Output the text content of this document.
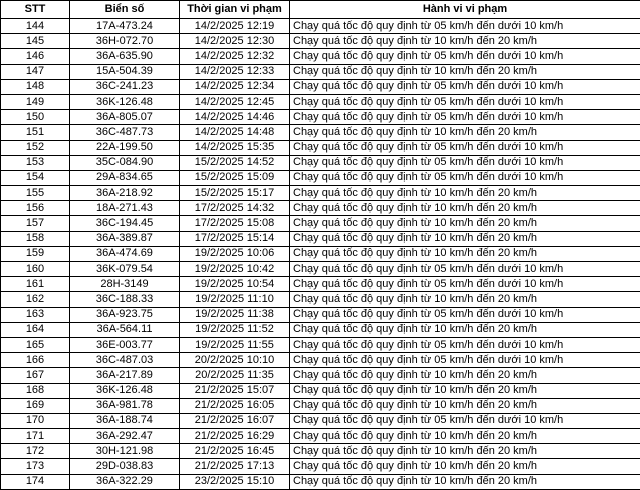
STT	Biển số	Thời gian vi phạm	Hành vi vi phạm
144	17A-473.24	14/2/2025 12:19	Chạy quá tốc độ quy định từ 05 km/h đến dưới 10 km/h
145	36H-072.70	14/2/2025 12:30	Chạy quá tốc độ quy định từ 10 km/h đến 20 km/h
146	36A-635.90	14/2/2025 12:32	Chạy quá tốc độ quy định từ 05 km/h đến dưới 10 km/h
147	15A-504.39	14/2/2025 12:33	Chạy quá tốc độ quy định từ 10 km/h đến 20 km/h
148	36C-241.23	14/2/2025 12:34	Chạy quá tốc độ quy định từ 05 km/h đến dưới 10 km/h
149	36K-126.48	14/2/2025 12:45	Chạy quá tốc độ quy định từ 05 km/h đến dưới 10 km/h
150	36A-805.07	14/2/2025 14:46	Chạy quá tốc độ quy định từ 05 km/h đến dưới 10 km/h
151	36C-487.73	14/2/2025 14:48	Chạy quá tốc độ quy định từ 10 km/h đến 20 km/h
152	22A-199.50	14/2/2025 15:35	Chạy quá tốc độ quy định từ 05 km/h đến dưới 10 km/h
153	35C-084.90	15/2/2025 14:52	Chạy quá tốc độ quy định từ 05 km/h đến dưới 10 km/h
154	29A-834.65	15/2/2025 15:09	Chạy quá tốc độ quy định từ 05 km/h đến dưới 10 km/h
155	36A-218.92	15/2/2025 15:17	Chạy quá tốc độ quy định từ 10 km/h đến 20 km/h
156	18A-271.43	17/2/2025 14:32	Chạy quá tốc độ quy định từ 10 km/h đến 20 km/h
157	36C-194.45	17/2/2025 15:08	Chạy quá tốc độ quy định từ 10 km/h đến 20 km/h
158	36A-389.87	17/2/2025 15:14	Chạy quá tốc độ quy định từ 10 km/h đến 20 km/h
159	36A-474.69	19/2/2025 10:06	Chạy quá tốc độ quy định từ 10 km/h đến 20 km/h
160	36K-079.54	19/2/2025 10:42	Chạy quá tốc độ quy định từ 05 km/h đến dưới 10 km/h
161	28H-3149	19/2/2025 10:54	Chạy quá tốc độ quy định từ 05 km/h đến dưới 10 km/h
162	36C-188.33	19/2/2025 11:10	Chạy quá tốc độ quy định từ 10 km/h đến 20 km/h
163	36A-923.75	19/2/2025 11:38	Chạy quá tốc độ quy định từ 05 km/h đến dưới 10 km/h
164	36A-564.11	19/2/2025 11:52	Chạy quá tốc độ quy định từ 10 km/h đến 20 km/h
165	36E-003.77	19/2/2025 11:55	Chạy quá tốc độ quy định từ 05 km/h đến dưới 10 km/h
166	36C-487.03	20/2/2025 10:10	Chạy quá tốc độ quy định từ 05 km/h đến dưới 10 km/h
167	36A-217.89	20/2/2025 11:35	Chạy quá tốc độ quy định từ 10 km/h đến 20 km/h
168	36K-126.48	21/2/2025 15:07	Chạy quá tốc độ quy định từ 10 km/h đến 20 km/h
169	36A-981.78	21/2/2025 16:05	Chạy quá tốc độ quy định từ 10 km/h đến 20 km/h
170	36A-188.74	21/2/2025 16:07	Chạy quá tốc độ quy định từ 05 km/h đến dưới 10 km/h
171	36A-292.47	21/2/2025 16:29	Chạy quá tốc độ quy định từ 10 km/h đến 20 km/h
172	30H-121.98	21/2/2025 16:45	Chạy quá tốc độ quy định từ 10 km/h đến 20 km/h
173	29D-038.83	21/2/2025 17:13	Chạy quá tốc độ quy định từ 10 km/h đến 20 km/h
174	36A-322.29	23/2/2025 15:10	Chạy quá tốc độ quy định từ 10 km/h đến 20 km/h
